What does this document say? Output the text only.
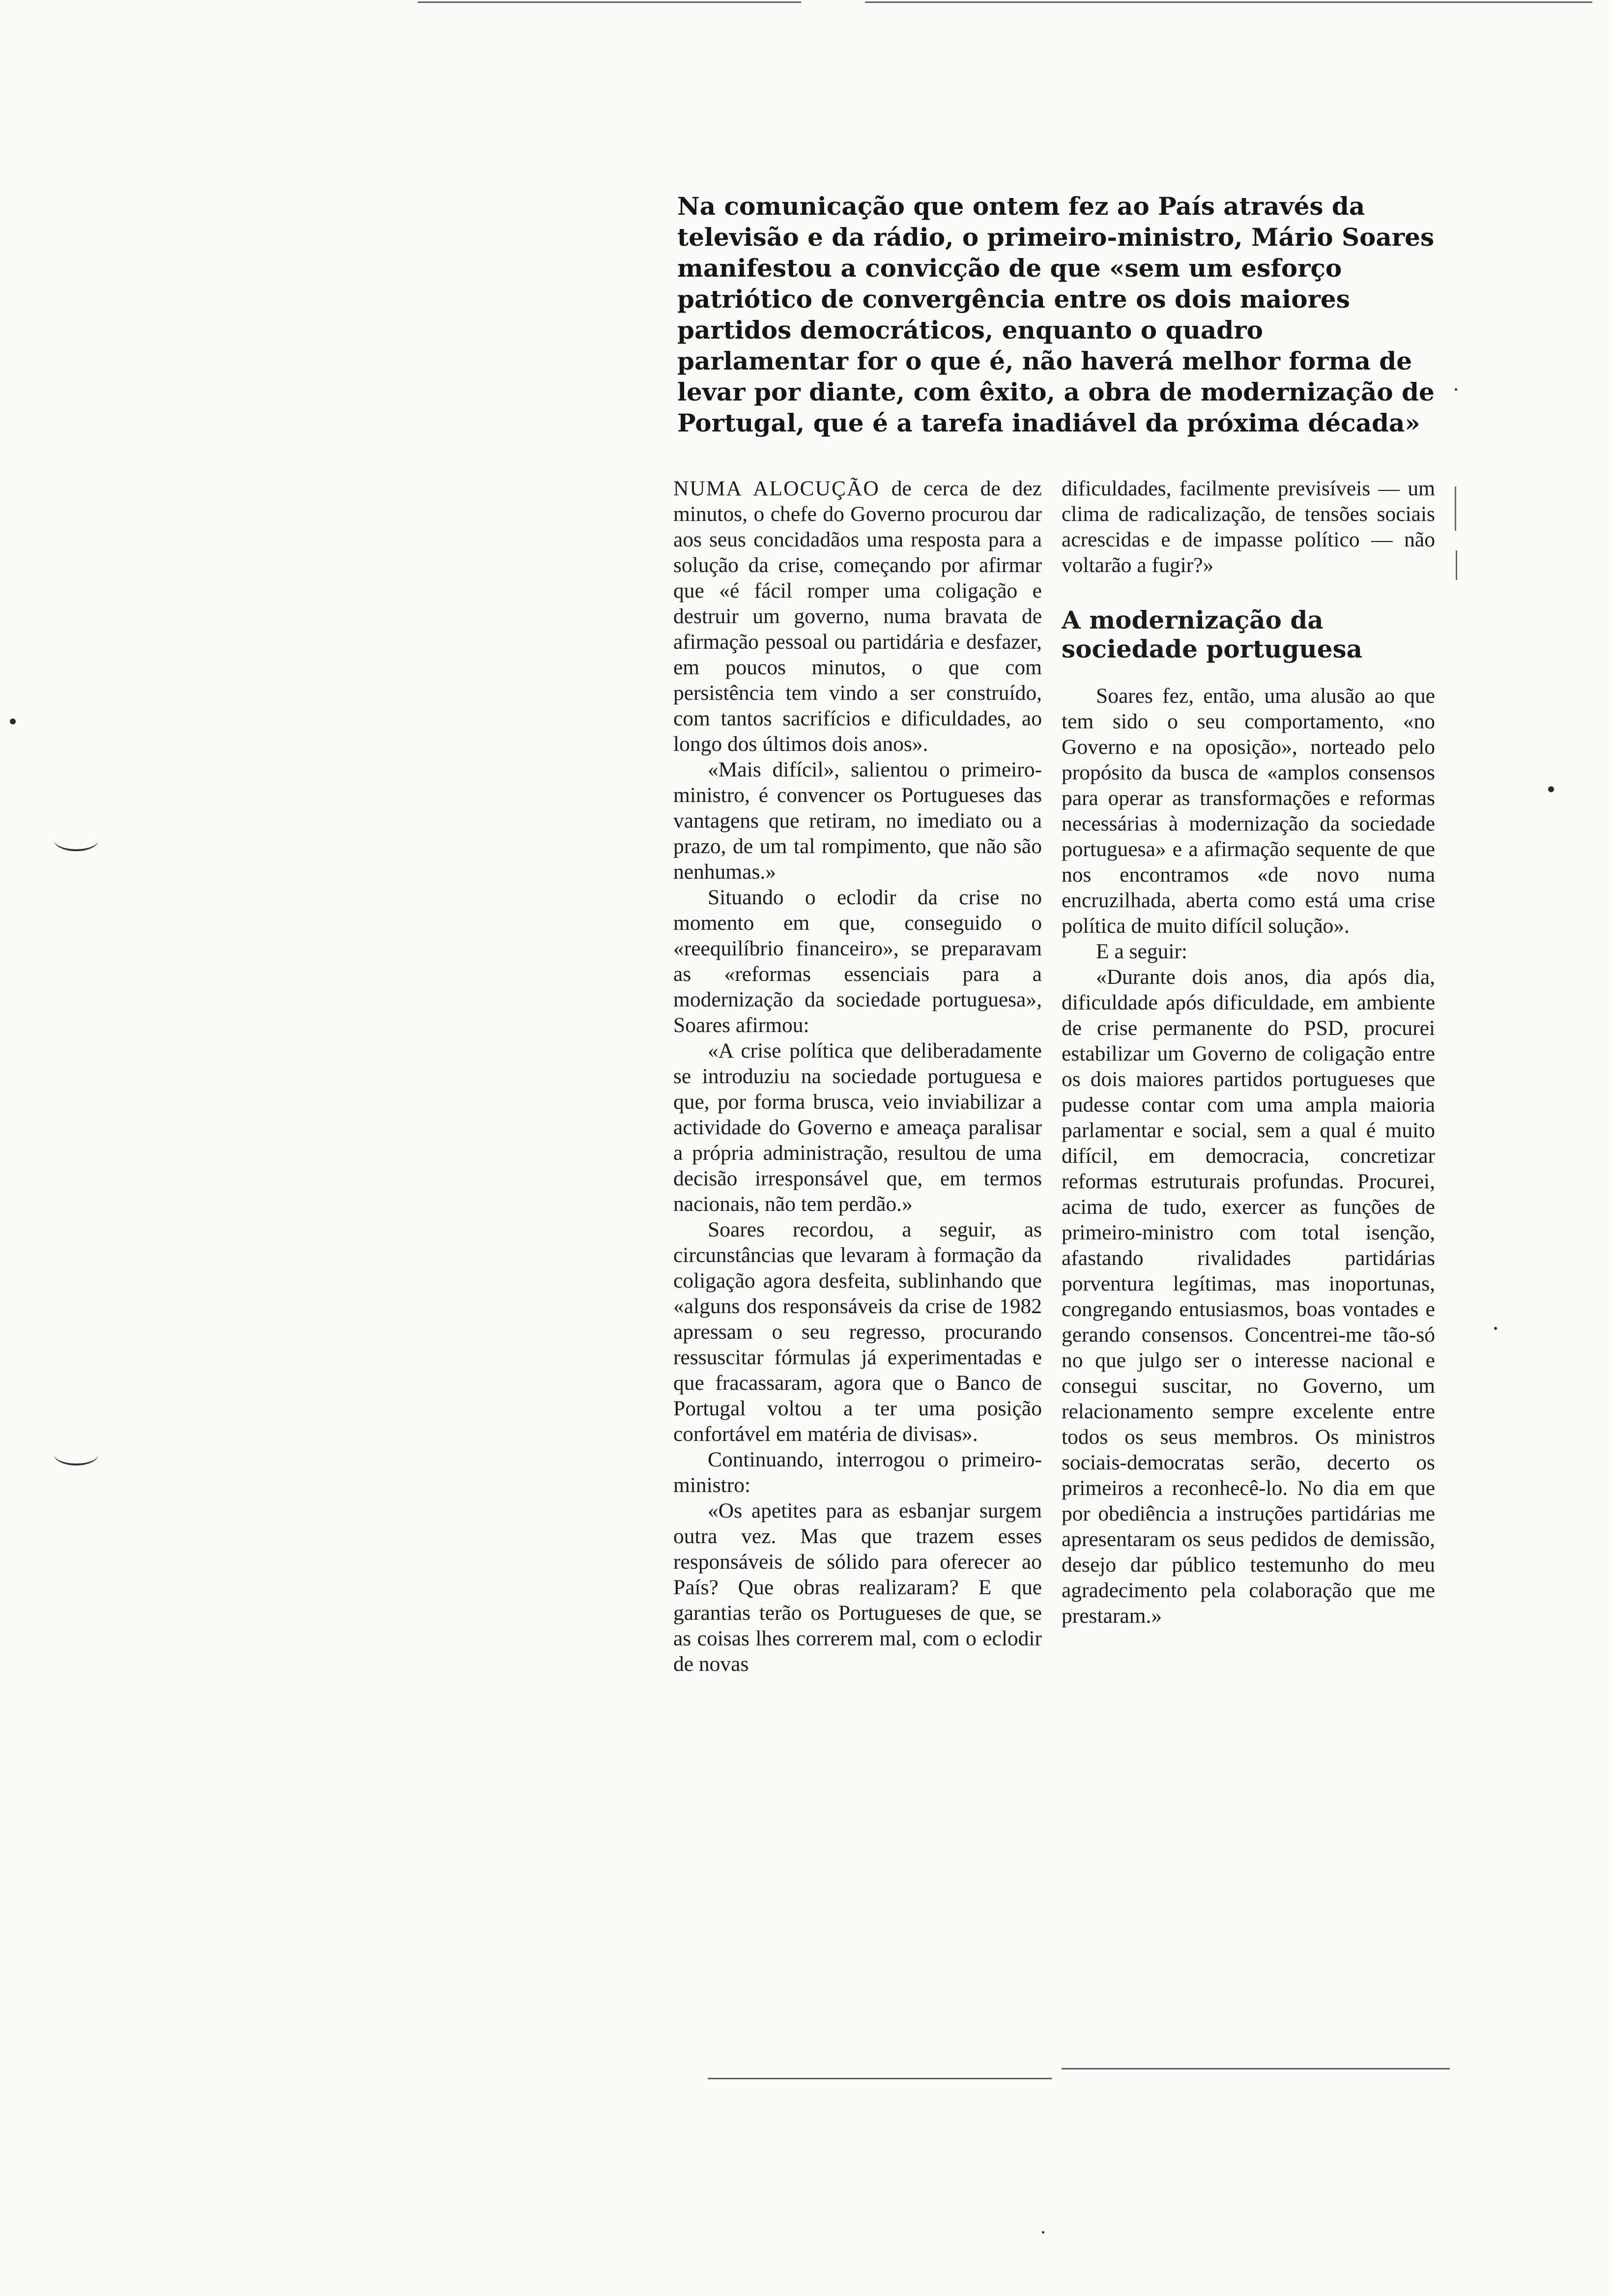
Na comunicação que ontem fez ao País através da televisão e da rádio, o primeiro-ministro, Mário Soares manifestou a convicção de que «sem um esforço patriótico de convergência entre os dois maiores partidos democráticos, enquanto o quadro parlamentar for o que é, não haverá melhor forma de levar por diante, com êxito, a obra de modernização de Portugal, que é a tarefa inadiável da próxima década»

NUMA ALOCUÇÃO de cerca de dez minutos, o chefe do Governo procurou dar aos seus concidadãos uma resposta para a solução da crise, começando por afirmar que «é fácil romper uma coligação e destruir um governo, numa bravata de afirmação pessoal ou partidária e desfazer, em poucos minutos, o que com persistência tem vindo a ser construído, com tantos sacrifícios e dificuldades, ao longo dos últimos dois anos».

«Mais difícil», salientou o primeiro-ministro, é convencer os Portugueses das vantagens que retiram, no imediato ou a prazo, de um tal rompimento, que não são nenhumas.»

Situando o eclodir da crise no momento em que, conseguido o «reequilíbrio financeiro», se preparavam as «reformas essenciais para a modernização da sociedade portuguesa», Soares afirmou:

«A crise política que deliberadamente se introduziu na sociedade portuguesa e que, por forma brusca, veio inviabilizar a actividade do Governo e ameaça paralisar a própria administração, resultou de uma decisão irresponsável que, em termos nacionais, não tem perdão.»

Soares recordou, a seguir, as circunstâncias que levaram à formação da coligação agora desfeita, sublinhando que «alguns dos responsáveis da crise de 1982 apressam o seu regresso, procurando ressuscitar fórmulas já experimentadas e que fracassaram, agora que o Banco de Portugal voltou a ter uma posição confortável em matéria de divisas».

Continuando, interrogou o primeiro-ministro:

«Os apetites para as esbanjar surgem outra vez. Mas que trazem esses responsáveis de sólido para oferecer ao País? Que obras realizaram? E que garantias terão os Portugueses de que, se as coisas lhes correrem mal, com o eclodir de novas

dificuldades, facilmente previsíveis — um clima de radicalização, de tensões sociais acrescidas e de impasse político — não voltarão a fugir?»

A modernização da sociedade portuguesa

Soares fez, então, uma alusão ao que tem sido o seu comportamento, «no Governo e na oposição», norteado pelo propósito da busca de «amplos consensos para operar as transformações e reformas necessárias à modernização da sociedade portuguesa» e a afirmação sequente de que nos encontramos «de novo numa encruzilhada, aberta como está uma crise política de muito difícil solução».

E a seguir:

«Durante dois anos, dia após dia, dificuldade após dificuldade, em ambiente de crise permanente do PSD, procurei estabilizar um Governo de coligação entre os dois maiores partidos portugueses que pudesse contar com uma ampla maioria parlamentar e social, sem a qual é muito difícil, em democracia, concretizar reformas estruturais profundas. Procurei, acima de tudo, exercer as funções de primeiro-ministro com total isenção, afastando rivalidades partidárias porventura legítimas, mas inoportunas, congregando entusiasmos, boas vontades e gerando consensos. Concentrei-me tão-só no que julgo ser o interesse nacional e consegui suscitar, no Governo, um relacionamento sempre excelente entre todos os seus membros. Os ministros sociais-democratas serão, decerto os primeiros a reconhecê-lo. No dia em que por obediência a instruções partidárias me apresentaram os seus pedidos de demissão, desejo dar público testemunho do meu agradecimento pela colaboração que me prestaram.»
